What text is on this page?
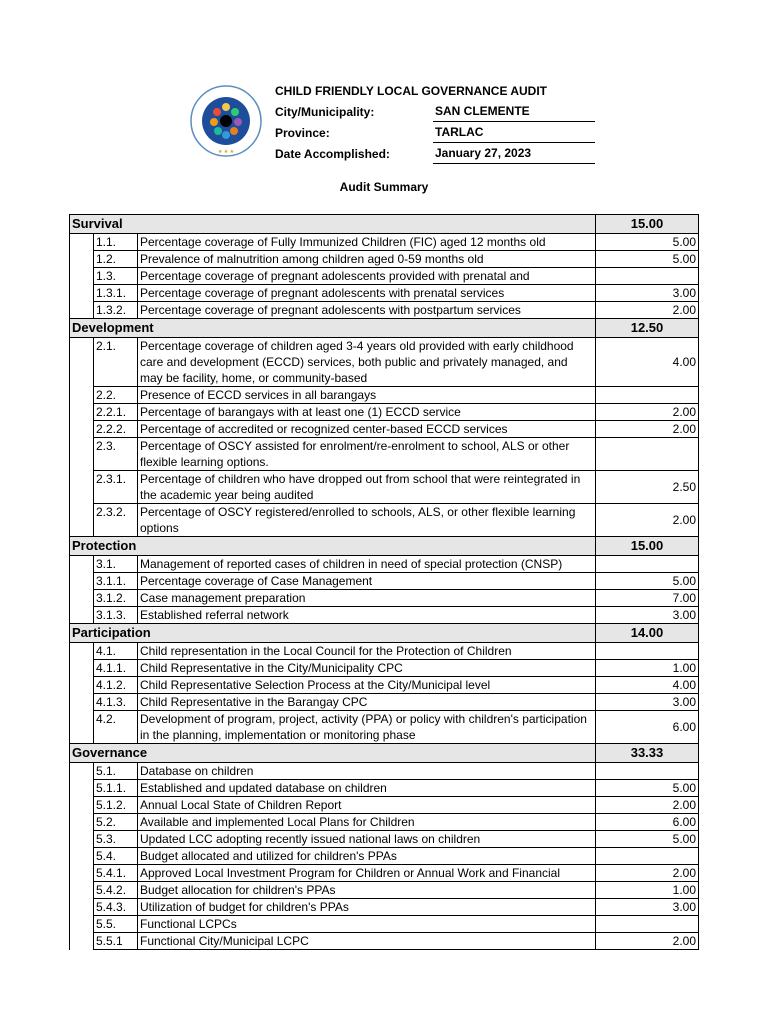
★ ★ ★
CHILD FRIENDLY LOCAL GOVERNANCE AUDIT
City/Municipality:	SAN CLEMENTE
Province:	TARLAC
Date Accomplished:	January 27, 2023
Audit Summary
Survival			15.00
	1.1.	Percentage coverage of Fully Immunized Children (FIC) aged 12 months old	5.00
	1.2.	Prevalence of malnutrition among children aged 0-59 months old	5.00
	1.3.	Percentage coverage of pregnant adolescents provided with prenatal and	
	1.3.1.	Percentage coverage of pregnant adolescents with prenatal services	3.00
	1.3.2.	Percentage coverage of pregnant adolescents with postpartum services	2.00
Development			12.50
	2.1.	Percentage coverage of children aged 3-4 years old provided with early childhood care and development (ECCD) services, both public and privately managed, and may be facility, home, or community-based	4.00
	2.2.	Presence of ECCD services in all barangays	
	2.2.1.	Percentage of barangays with at least one (1) ECCD service	2.00
	2.2.2.	Percentage of accredited or recognized center-based ECCD services	2.00
	2.3.	Percentage of OSCY assisted for enrolment/re-enrolment to school, ALS or other flexible learning options.	
	2.3.1.	Percentage of children who have dropped out from school that were reintegrated in the academic year being audited	2.50
	2.3.2.	Percentage of OSCY registered/enrolled to schools, ALS, or other flexible learning options	2.00
Protection			15.00
	3.1.	Management of reported cases of children in need of special protection (CNSP)	
	3.1.1.	Percentage coverage of Case Management	5.00
	3.1.2.	Case management preparation	7.00
	3.1.3.	Established referral network	3.00
Participation			14.00
	4.1.	Child representation in the Local Council for the Protection of Children	
	4.1.1.	Child Representative in the City/Municipality CPC	1.00
	4.1.2.	Child Representative Selection Process at the City/Municipal level	4.00
	4.1.3.	Child Representative in the Barangay CPC	3.00
	4.2.	Development of program, project, activity (PPA) or policy with children's participation in the planning, implementation or monitoring phase	6.00
Governance			33.33
	5.1.	Database on children	
	5.1.1.	Established and updated database on children	5.00
	5.1.2.	Annual Local State of Children Report	2.00
	5.2.	Available and implemented Local Plans for Children	6.00
	5.3.	Updated LCC adopting recently issued national laws on children	5.00
	5.4.	Budget allocated and utilized for children's PPAs	
	5.4.1.	Approved Local Investment Program for Children or Annual Work and Financial	2.00
	5.4.2.	Budget allocation for children's PPAs	1.00
	5.4.3.	Utilization of budget for children's PPAs	3.00
	5.5.	Functional LCPCs	
	5.5.1	Functional City/Municipal LCPC	2.00
